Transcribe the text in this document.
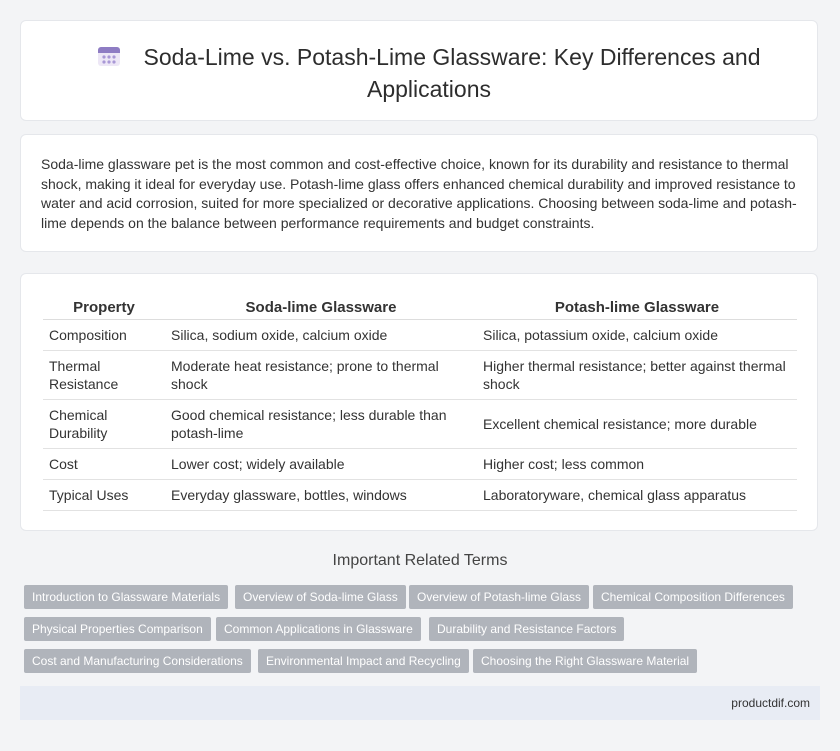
Soda-Lime vs. Potash-Lime Glassware: Key Differences and Applications

Soda-lime glassware pet is the most common and cost-effective choice, known for its durability and resistance to thermal shock, making it ideal for everyday use. Potash-lime glass offers enhanced chemical durability and improved resistance to water and acid corrosion, suited for more specialized or decorative applications. Choosing between soda-lime and potash-lime depends on the balance between performance requirements and budget constraints.

Property	Soda-lime Glassware	Potash-lime Glassware
Composition	Silica, sodium oxide, calcium oxide	Silica, potassium oxide, calcium oxide
Thermal Resistance	Moderate heat resistance; prone to thermal shock	Higher thermal resistance; better against thermal shock
Chemical Durability	Good chemical resistance; less durable than potash-lime	Excellent chemical resistance; more durable
Cost	Lower cost; widely available	Higher cost; less common
Typical Uses	Everyday glassware, bottles, windows	Laboratoryware, chemical glass apparatus
Important Related Terms
Introduction to Glassware Materials	Overview of Soda-lime Glass	Overview of Potash-lime Glass	Chemical Composition Differences
Physical Properties Comparison	Common Applications in Glassware	Durability and Resistance Factors
Cost and Manufacturing Considerations	Environmental Impact and Recycling	Choosing the Right Glassware Material
productdif.com
